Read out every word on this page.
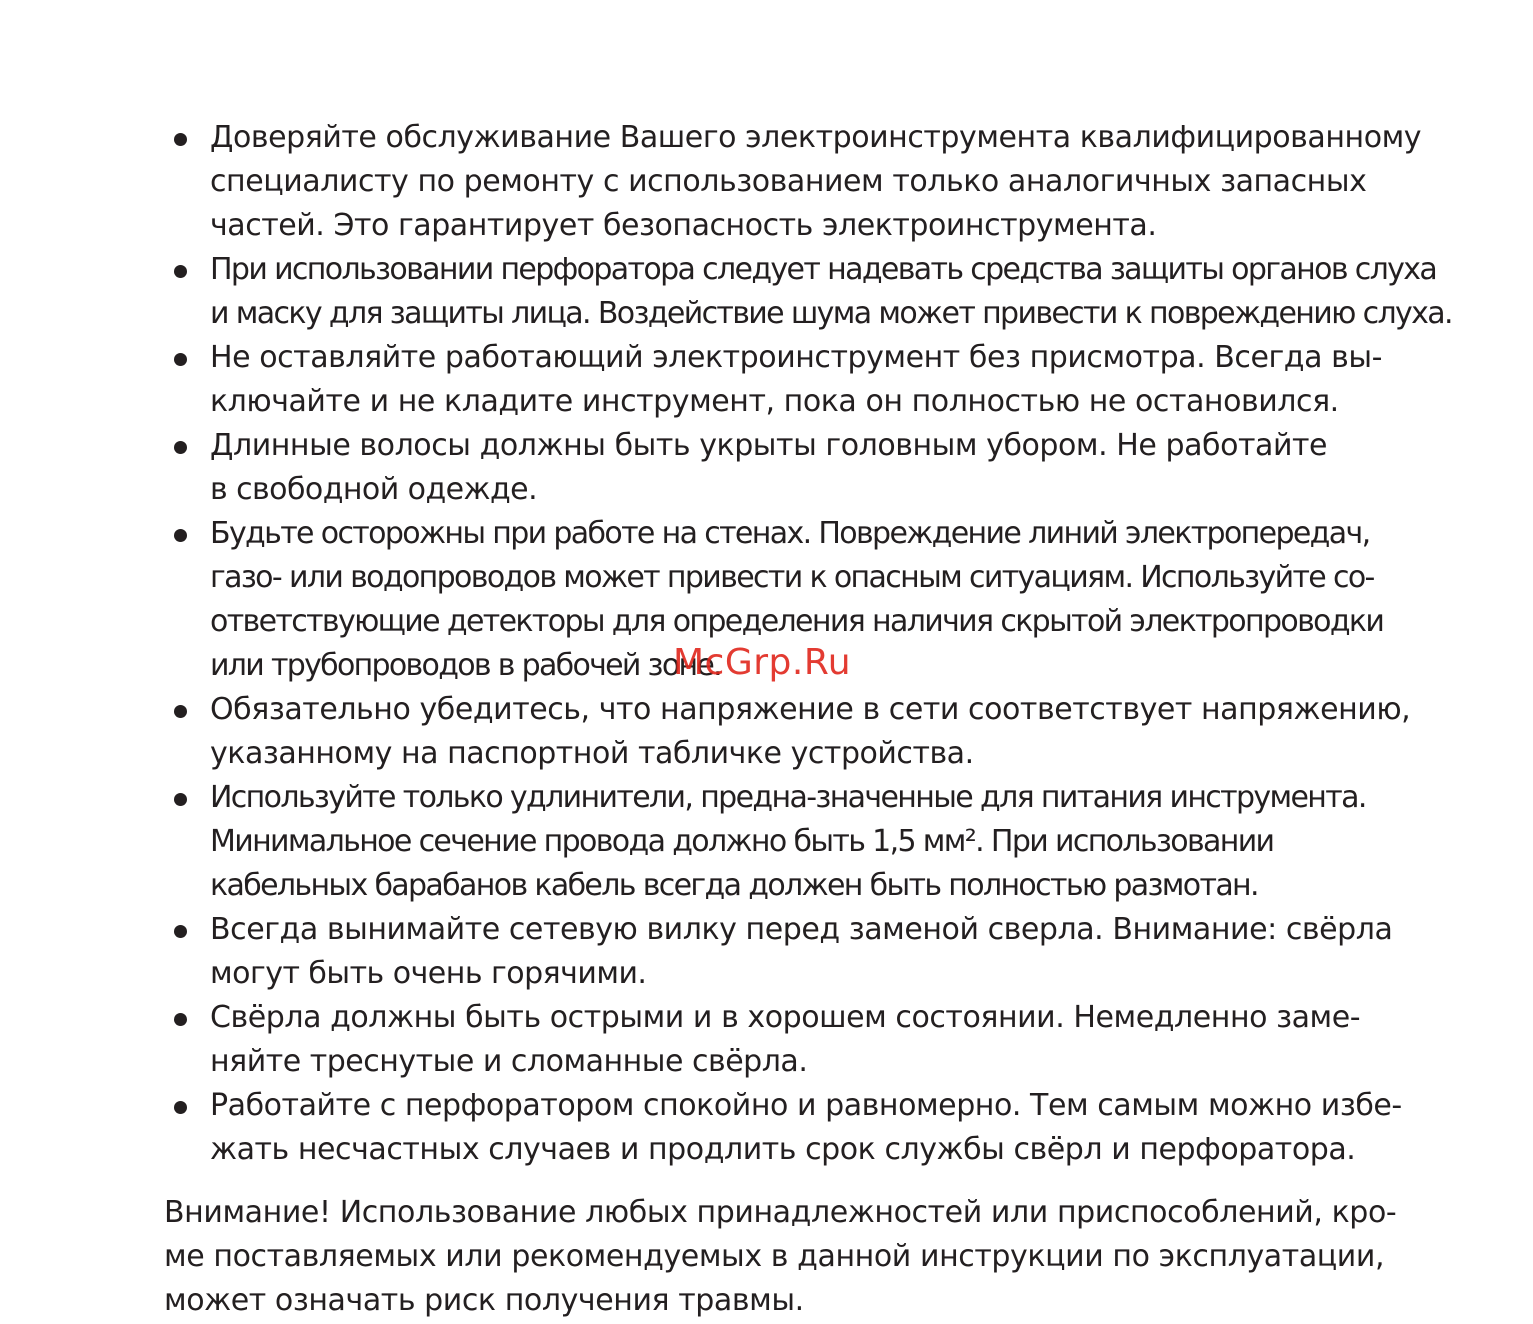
Доверяйте обслуживание Вашего электроинструмента квалифицированному
специалисту по ремонту с использованием только аналогичных запасных
частей. Это гарантирует безопасность электроинструмента.
При использовании перфоратора следует надевать средства защиты органов слуха
и маску для защиты лица. Воздействие шума может привести к повреждению слуха.
Не оставляйте работающий электроинструмент без присмотра. Всегда вы-
ключайте и не кладите инструмент, пока он полностью не остановился.
Длинные волосы должны быть укрыты головным убором. Не работайте
в свободной одежде.
Будьте осторожны при работе на стенах. Повреждение линий электропередач,
газо- или водопроводов может привести к опасным ситуациям. Используйте со-
ответствующие детекторы для определения наличия скрытой электропроводки
или трубопроводов в рабочей зоне.
Обязательно убедитесь, что напряжение в сети соответствует напряжению,
указанному на паспортной табличке устройства.
Используйте только удлинители, предна-значенные для питания инструмента.
Минимальное сечение провода должно быть 1,5 мм². При использовании
кабельных барабанов кабель всегда должен быть полностью размотан.
Всегда вынимайте сетевую вилку перед заменой сверла. Внимание: свёрла
могут быть очень горячими.
Свёрла должны быть острыми и в хорошем состоянии. Немедленно заме-
няйте треснутые и сломанные свёрла.
Работайте с перфоратором спокойно и равномерно. Тем самым можно избе-
жать несчастных случаев и продлить срок службы свёрл и перфоратора.

Внимание! Использование любых принадлежностей или приспособлений, кро-
ме поставляемых или рекомендуемых в данной инструкции по эксплуатации,
может означать риск получения травмы.

McGrp.Ru
